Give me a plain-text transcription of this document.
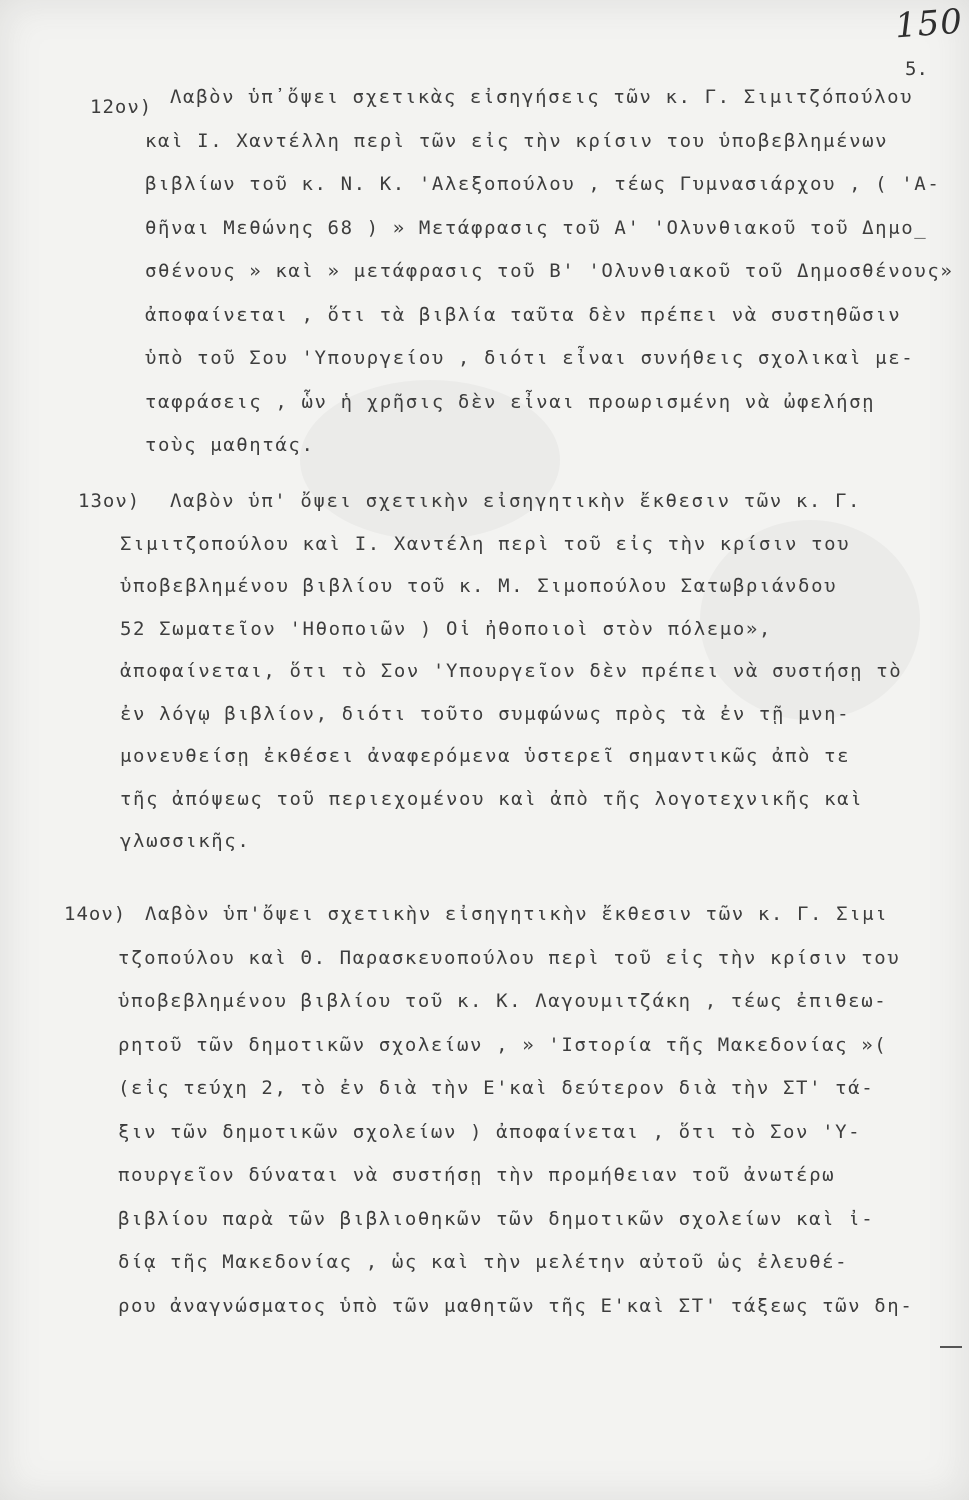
150
5.
12ον) Λαβὸν ὑπ᾽ὄψει σχετικὰς εἰσηγήσεις τῶν κ. Γ. Σιμιτζόπούλου
καὶ Ι. Χαντέλλη περὶ τῶν εἰς τὴν κρίσιν του ὑποβεβλημένων
βιβλίων τοῦ κ. Ν. Κ. 'Αλεξοπούλου , τέως Γυμνασιάρχου , ( 'Α-
θῆναι Μεθώνης 68 ) » Μετάφρασις τοῦ Α' 'Ολυνθιακοῦ τοῦ Δημο_
σθένους » καὶ » μετάφρασις τοῦ Β' 'Ολυνθιακοῦ τοῦ Δημοσθένους»
ἀποφαίνεται , ὅτι τὰ βιβλία ταῦτα δὲν πρέπει νὰ συστηθῶσιν
ὑπὸ τοῦ Σου 'Υπουργείου , διότι εἶναι συνήθεις σχολικαὶ με-
ταφράσεις , ὧν ἡ χρῆσις δὲν εἶναι προωρισμένη νὰ ὠφελήσῃ
τοὺς μαθητάς.
13ον) Λαβὸν ὑπ' ὄψει σχετικὴν εἰσηγητικὴν ἔκθεσιν τῶν κ. Γ.
Σιμιτζοπούλου καὶ Ι. Χαντέλη περὶ τοῦ εἰς τὴν κρίσιν του
ὑποβεβλημένου βιβλίου τοῦ κ. Μ. Σιμοπούλου Σατωβριάνδου
52 Σωματεῖον 'Ηθοποιῶν ) Οἱ ἠθοποιοὶ στὸν πόλεμο»,
ἀποφαίνεται, ὅτι τὸ Σον 'Υπουργεῖον δὲν πρέπει νὰ συστήσῃ τὸ
ἐν λόγῳ βιβλίον, διότι τοῦτο συμφώνως πρὸς τὰ ἐν τῇ μνη-
μονευθείσῃ ἐκθέσει ἀναφερόμενα ὑστερεῖ σημαντικῶς ἀπὸ τε
τῆς ἀπόψεως τοῦ περιεχομένου καὶ ἀπὸ τῆς λογοτεχνικῆς καὶ
γλωσσικῆς.
14ον) Λαβὸν ὑπ'ὄψει σχετικὴν εἰσηγητικὴν ἔκθεσιν τῶν κ. Γ. Σιμι
τζοπούλου καὶ Θ. Παρασκευοπούλου περὶ τοῦ εἰς τὴν κρίσιν του
ὑποβεβλημένου βιβλίου τοῦ κ. Κ. Λαγουμιτζάκη , τέως ἐπιθεω-
ρητοῦ τῶν δημοτικῶν σχολείων , » 'Ιστορία τῆς Μακεδονίας »(
(εἰς τεύχη 2, τὸ ἐν διὰ τὴν Ε'καὶ δεύτερον διὰ τὴν ΣΤ' τά-
ξιν τῶν δημοτικῶν σχολείων ) ἀποφαίνεται , ὅτι τὸ Σον 'Υ-
πουργεῖον δύναται νὰ συστήσῃ τὴν προμήθειαν τοῦ ἀνωτέρω
βιβλίου παρὰ τῶν βιβλιοθηκῶν τῶν δημοτικῶν σχολείων καὶ ἰ-
δίᾳ τῆς Μακεδονίας , ὡς καὶ τὴν μελέτην αὐτοῦ ὡς ἐλευθέ-
ρου ἀναγνώσματος ὑπὸ τῶν μαθητῶν τῆς Ε'καὶ ΣΤ' τάξεως τῶν δη-
